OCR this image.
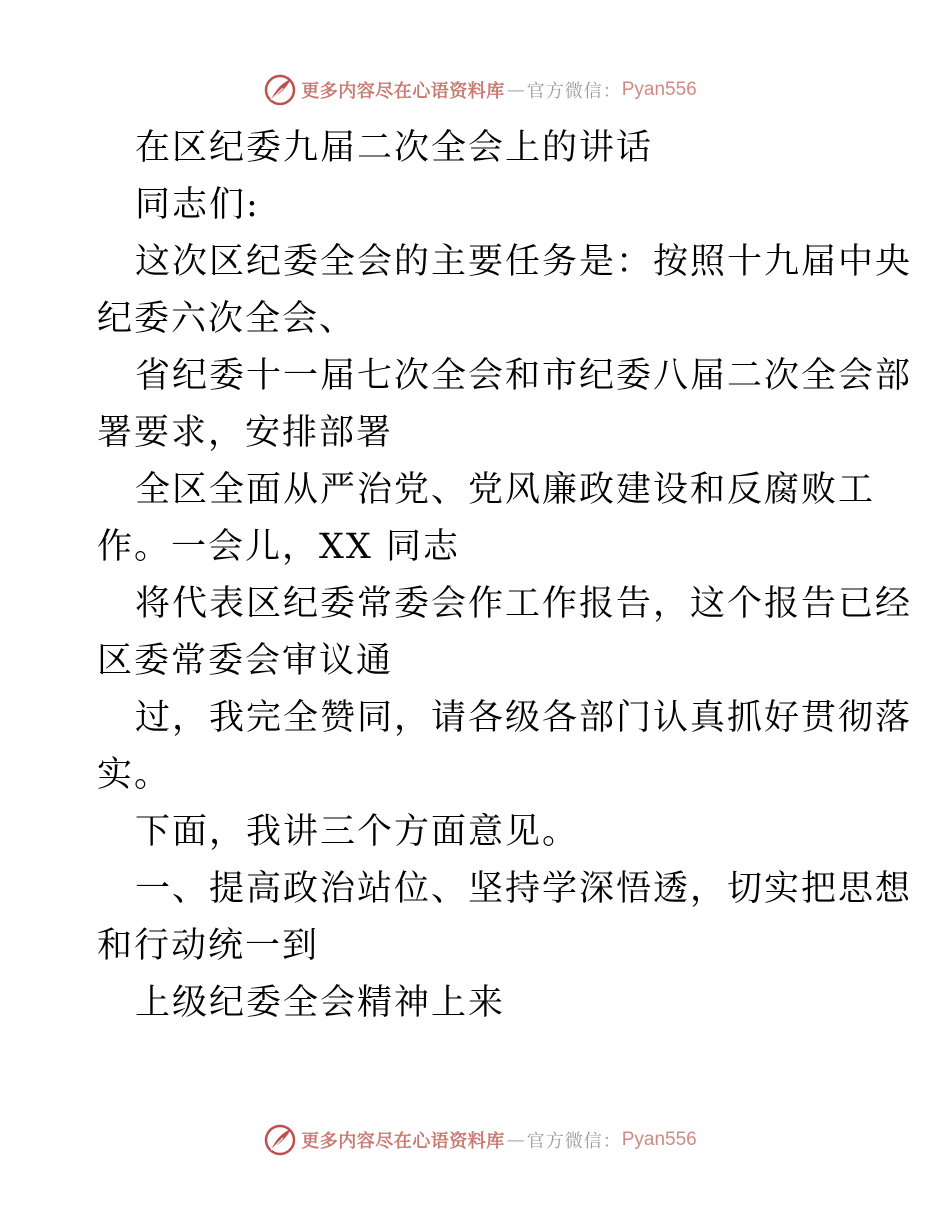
更多内容尽在心语资料库 — 官方微信： Pyan556
在区纪委九届二次全会上的讲话
同志们:
这次区纪委全会的主要任务是：按照十九届中央
纪委六次全会、
省纪委十一届七次全会和市纪委八届二次全会部
署要求，安排部署
全区全面从严治党、党风廉政建设和反腐败工
作。一会儿，XX 同志
将代表区纪委常委会作工作报告，这个报告已经
区委常委会审议通
过，我完全赞同，请各级各部门认真抓好贯彻落
实。
下面，我讲三个方面意见。
一、提高政治站位、坚持学深悟透，切实把思想
和行动统一到
上级纪委全会精神上来
更多内容尽在心语资料库 — 官方微信： Pyan556
